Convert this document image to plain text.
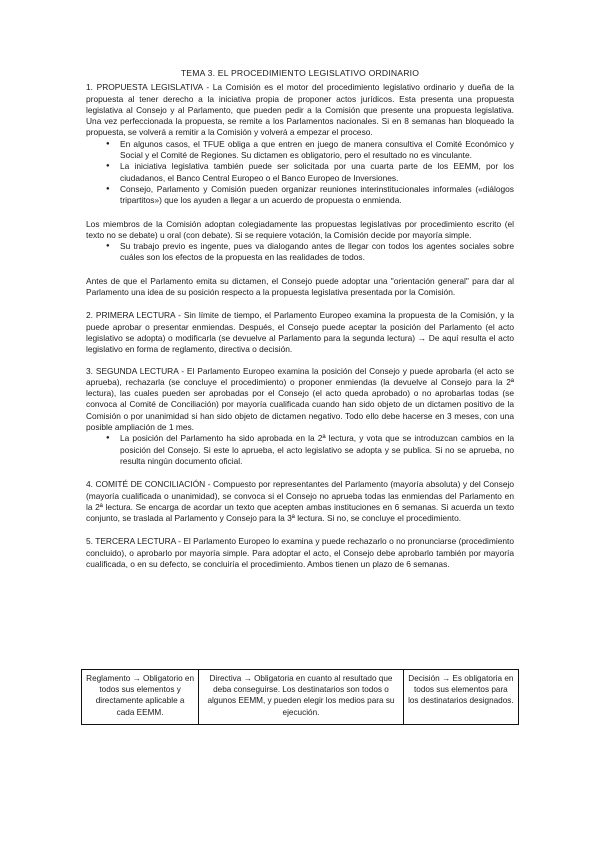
TEMA 3. EL PROCEDIMIENTO LEGISLATIVO ORDINARIO

1. PROPUESTA LEGISLATIVA - La Comisión es el motor del procedimiento legislativo ordinario y dueña de la propuesta al tener derecho a la iniciativa propia de proponer actos jurídicos. Esta presenta una propuesta legislativa al Consejo y al Parlamento, que pueden pedir a la Comisión que presente una propuesta legislativa. Una vez perfeccionada la propuesta, se remite a los Parlamentos nacionales. Si en 8 semanas han bloqueado la propuesta, se volverá a remitir a la Comisión y volverá a empezar el proceso.

● En algunos casos, el TFUE obliga a que entren en juego de manera consultiva el Comité Económico y Social y el Comité de Regiones. Su dictamen es obligatorio, pero el resultado no es vinculante.
● La iniciativa legislativa también puede ser solicitada por una cuarta parte de los EEMM, por los ciudadanos, el Banco Central Europeo o el Banco Europeo de Inversiones.
● Consejo, Parlamento y Comisión pueden organizar reuniones interinstitucionales informales («diálogos tripartitos») que los ayuden a llegar a un acuerdo de propuesta o enmienda.

Los miembros de la Comisión adoptan colegiadamente las propuestas legislativas por procedimiento escrito (el texto no se debate) u oral (con debate). Si se requiere votación, la Comisión decide por mayoría simple.

● Su trabajo previo es ingente, pues va dialogando antes de llegar con todos los agentes sociales sobre cuáles son los efectos de la propuesta en las realidades de todos.

Antes de que el Parlamento emita su dictamen, el Consejo puede adoptar una "orientación general" para dar al Parlamento una idea de su posición respecto a la propuesta legislativa presentada por la Comisión.

2. PRIMERA LECTURA - Sin límite de tiempo, el Parlamento Europeo examina la propuesta de la Comisión, y la puede aprobar o presentar enmiendas. Después, el Consejo puede aceptar la posición del Parlamento (el acto legislativo se adopta) o modificarla (se devuelve al Parlamento para la segunda lectura) → De aquí resulta el acto legislativo en forma de reglamento, directiva o decisión.

3. SEGUNDA LECTURA - El Parlamento Europeo examina la posición del Consejo y puede aprobarla (el acto se aprueba), rechazarla (se concluye el procedimiento) o proponer enmiendas (la devuelve al Consejo para la 2ª lectura), las cuales pueden ser aprobadas por el Consejo (el acto queda aprobado) o no aprobarlas todas (se convoca al Comité de Conciliación) por mayoría cualificada cuando han sido objeto de un dictamen positivo de la Comisión o por unanimidad si han sido objeto de dictamen negativo. Todo ello debe hacerse en 3 meses, con una posible ampliación de 1 mes.

● La posición del Parlamento ha sido aprobada en la 2ª lectura, y vota que se introduzcan cambios en la posición del Consejo. Si este lo aprueba, el acto legislativo se adopta y se publica. Si no se aprueba, no resulta ningún documento oficial.

4. COMITÉ DE CONCILIACIÓN - Compuesto por representantes del Parlamento (mayoría absoluta) y del Consejo (mayoría cualificada o unanimidad), se convoca si el Consejo no aprueba todas las enmiendas del Parlamento en la 2ª lectura. Se encarga de acordar un texto que acepten ambas instituciones en 6 semanas. Si acuerda un texto conjunto, se traslada al Parlamento y Consejo para la 3ª lectura. Si no, se concluye el procedimiento.

5. TERCERA LECTURA - El Parlamento Europeo lo examina y puede rechazarlo o no pronunciarse (procedimiento concluido), o aprobarlo por mayoría simple. Para adoptar el acto, el Consejo debe aprobarlo también por mayoría cualificada, o en su defecto, se concluiría el procedimiento. Ambos tienen un plazo de 6 semanas.

Reglamento → Obligatorio en todos sus elementos y directamente aplicable a cada EEMM.	Directiva → Obligatoria en cuanto al resultado que deba conseguirse. Los destinatarios son todos o algunos EEMM, y pueden elegir los medios para su ejecución.	Decisión → Es obligatoria en todos sus elementos para los destinatarios designados.
